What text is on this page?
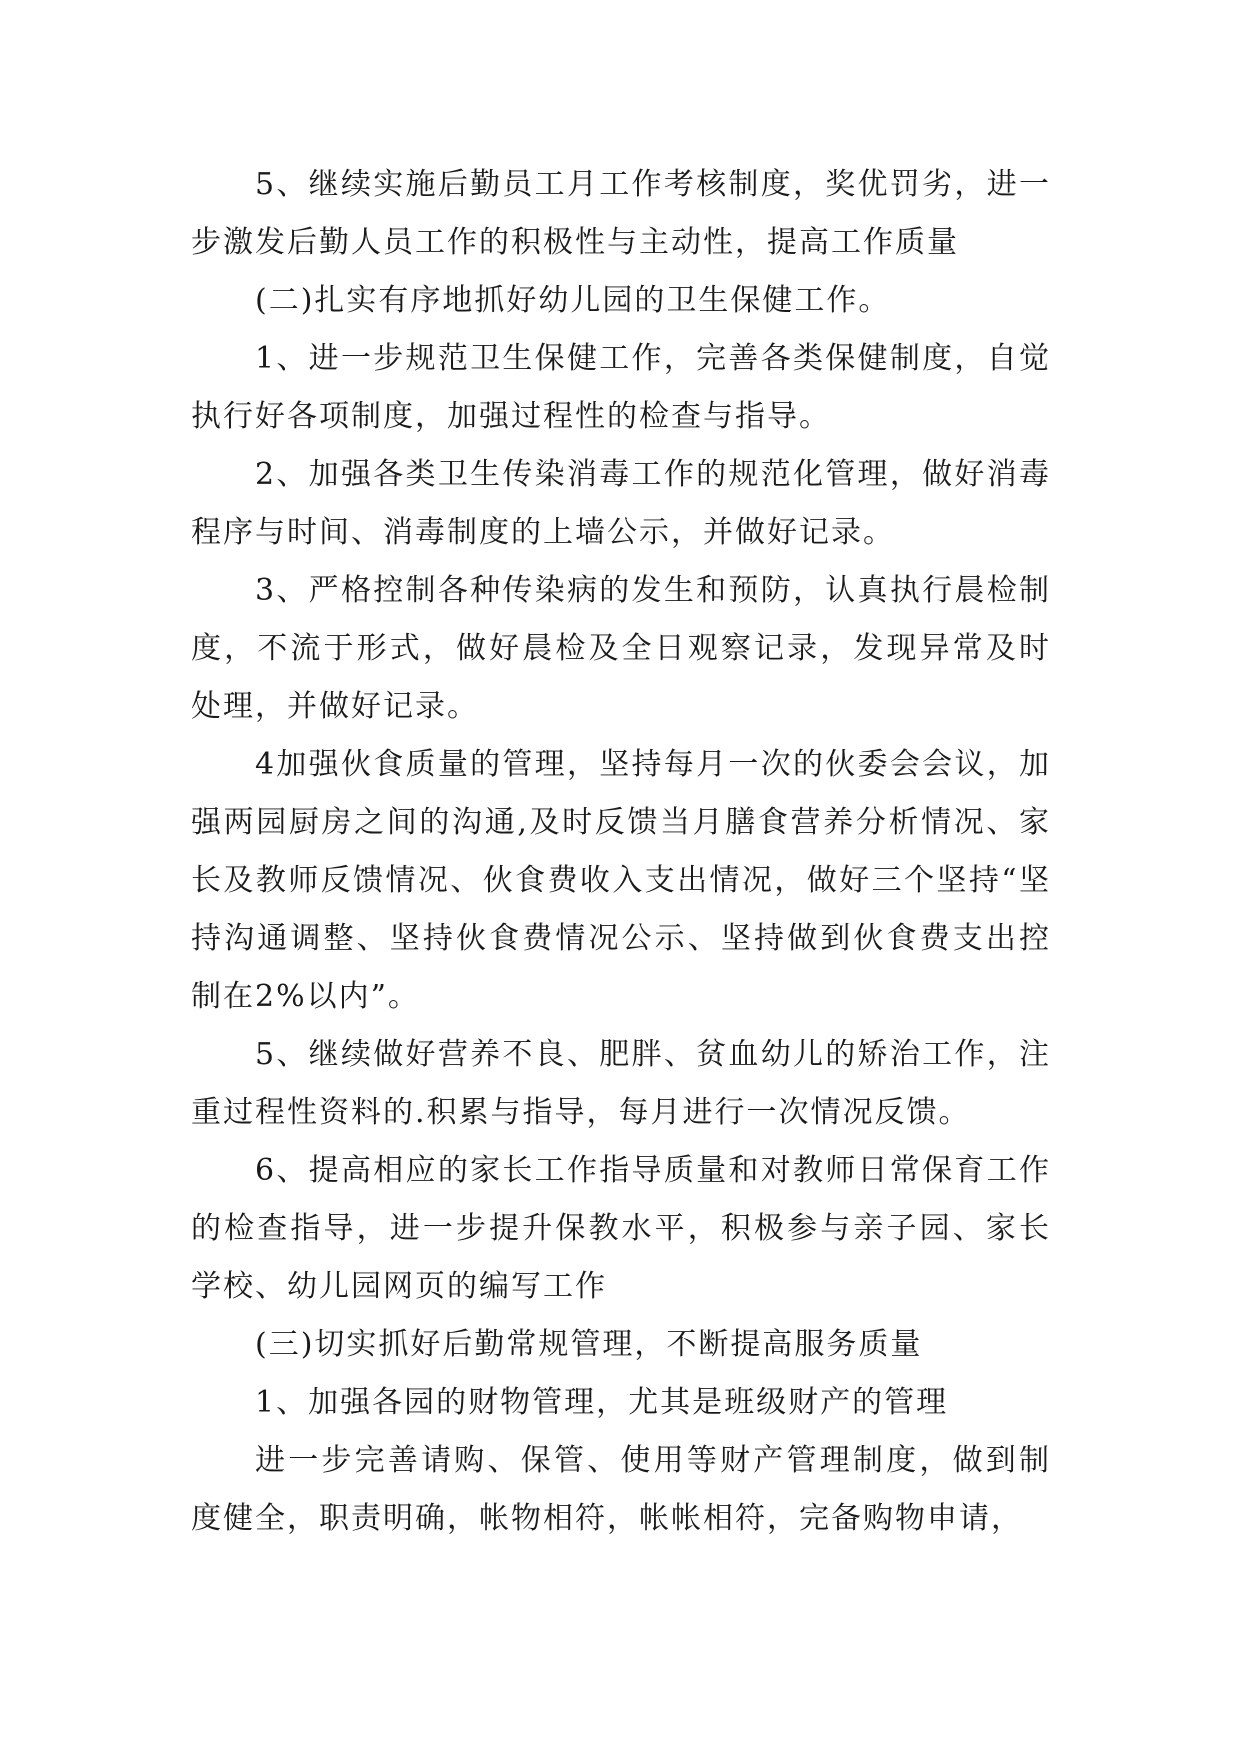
5、继续实施后勤员工月工作考核制度，奖优罚劣，进一步激发后勤人员工作的积极性与主动性，提高工作质量

(二)扎实有序地抓好幼儿园的卫生保健工作。

1、进一步规范卫生保健工作，完善各类保健制度，自觉执行好各项制度，加强过程性的检查与指导。

2、加强各类卫生传染消毒工作的规范化管理，做好消毒程序与时间、消毒制度的上墙公示，并做好记录。

3、严格控制各种传染病的发生和预防，认真执行晨检制度，不流于形式，做好晨检及全日观察记录，发现异常及时处理，并做好记录。

4加强伙食质量的管理，坚持每月一次的伙委会会议，加强两园厨房之间的沟通,及时反馈当月膳食营养分析情况、家长及教师反馈情况、伙食费收入支出情况，做好三个坚持“坚持沟通调整、坚持伙食费情况公示、坚持做到伙食费支出控制在2%以内”。

5、继续做好营养不良、肥胖、贫血幼儿的矫治工作，注重过程性资料的.积累与指导，每月进行一次情况反馈。

6、提高相应的家长工作指导质量和对教师日常保育工作的检查指导，进一步提升保教水平，积极参与亲子园、家长学校、幼儿园网页的编写工作

(三)切实抓好后勤常规管理，不断提高服务质量

1、加强各园的财物管理，尤其是班级财产的管理

进一步完善请购、保管、使用等财产管理制度，做到制度健全，职责明确，帐物相符，帐帐相符，完备购物申请，
